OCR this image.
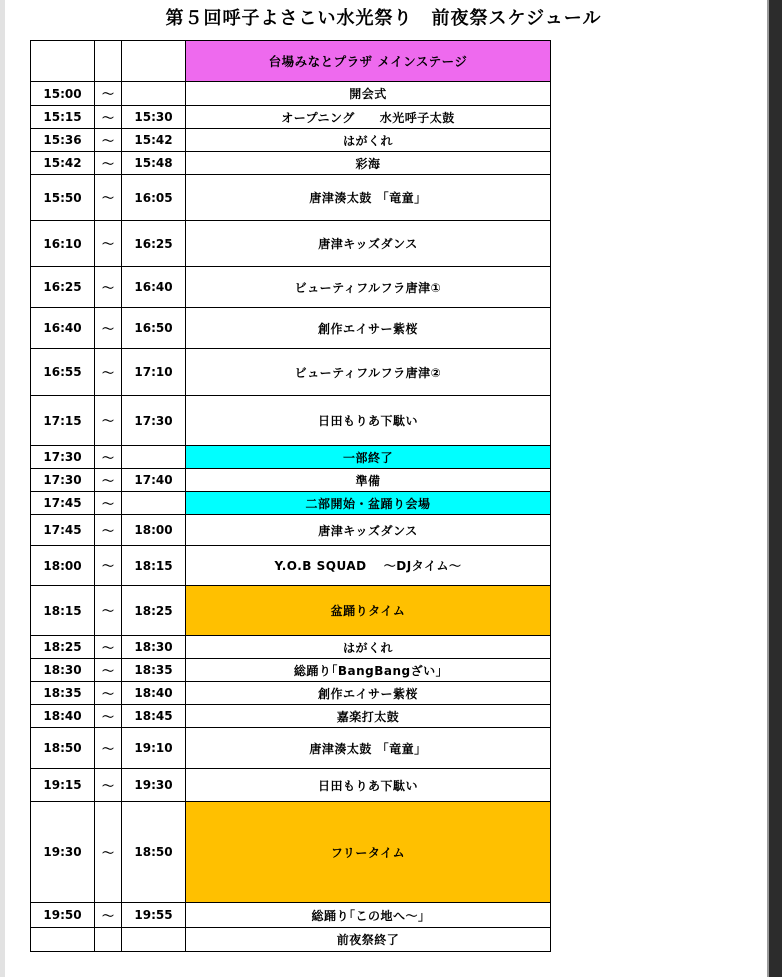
第５回呼子よさこい水光祭り　前夜祭スケジュール
			台場みなとプラザ メインステージ
15:00	～		開会式
15:15	～	15:30	オープニング　　水光呼子太鼓
15:36	～	15:42	はがくれ
15:42	～	15:48	彩海
15:50	～	16:05	唐津湊太鼓 「竜童」
16:10	～	16:25	唐津キッズダンス
16:25	～	16:40	ビューティフルフラ唐津①
16:40	～	16:50	創作エイサー紫桜
16:55	～	17:10	ビューティフルフラ唐津②
17:15	～	17:30	日田もりあ下駄い
17:30	～		一部終了
17:30	～	17:40	準備
17:45	～		二部開始・盆踊り会場
17:45	～	18:00	唐津キッズダンス
18:00	～	18:15	Y.O.B SQUAD 　～DJタイム～
18:15	～	18:25	盆踊りタイム
18:25	～	18:30	はがくれ
18:30	～	18:35	総踊り｢BangBangざい｣
18:35	～	18:40	創作エイサー紫桜
18:40	～	18:45	嘉楽打太鼓
18:50	～	19:10	唐津湊太鼓 「竜童」
19:15	～	19:30	日田もりあ下駄い
19:30	～	18:50	フリータイム
19:50	～	19:55	総踊り｢この地へ～｣
			前夜祭終了
